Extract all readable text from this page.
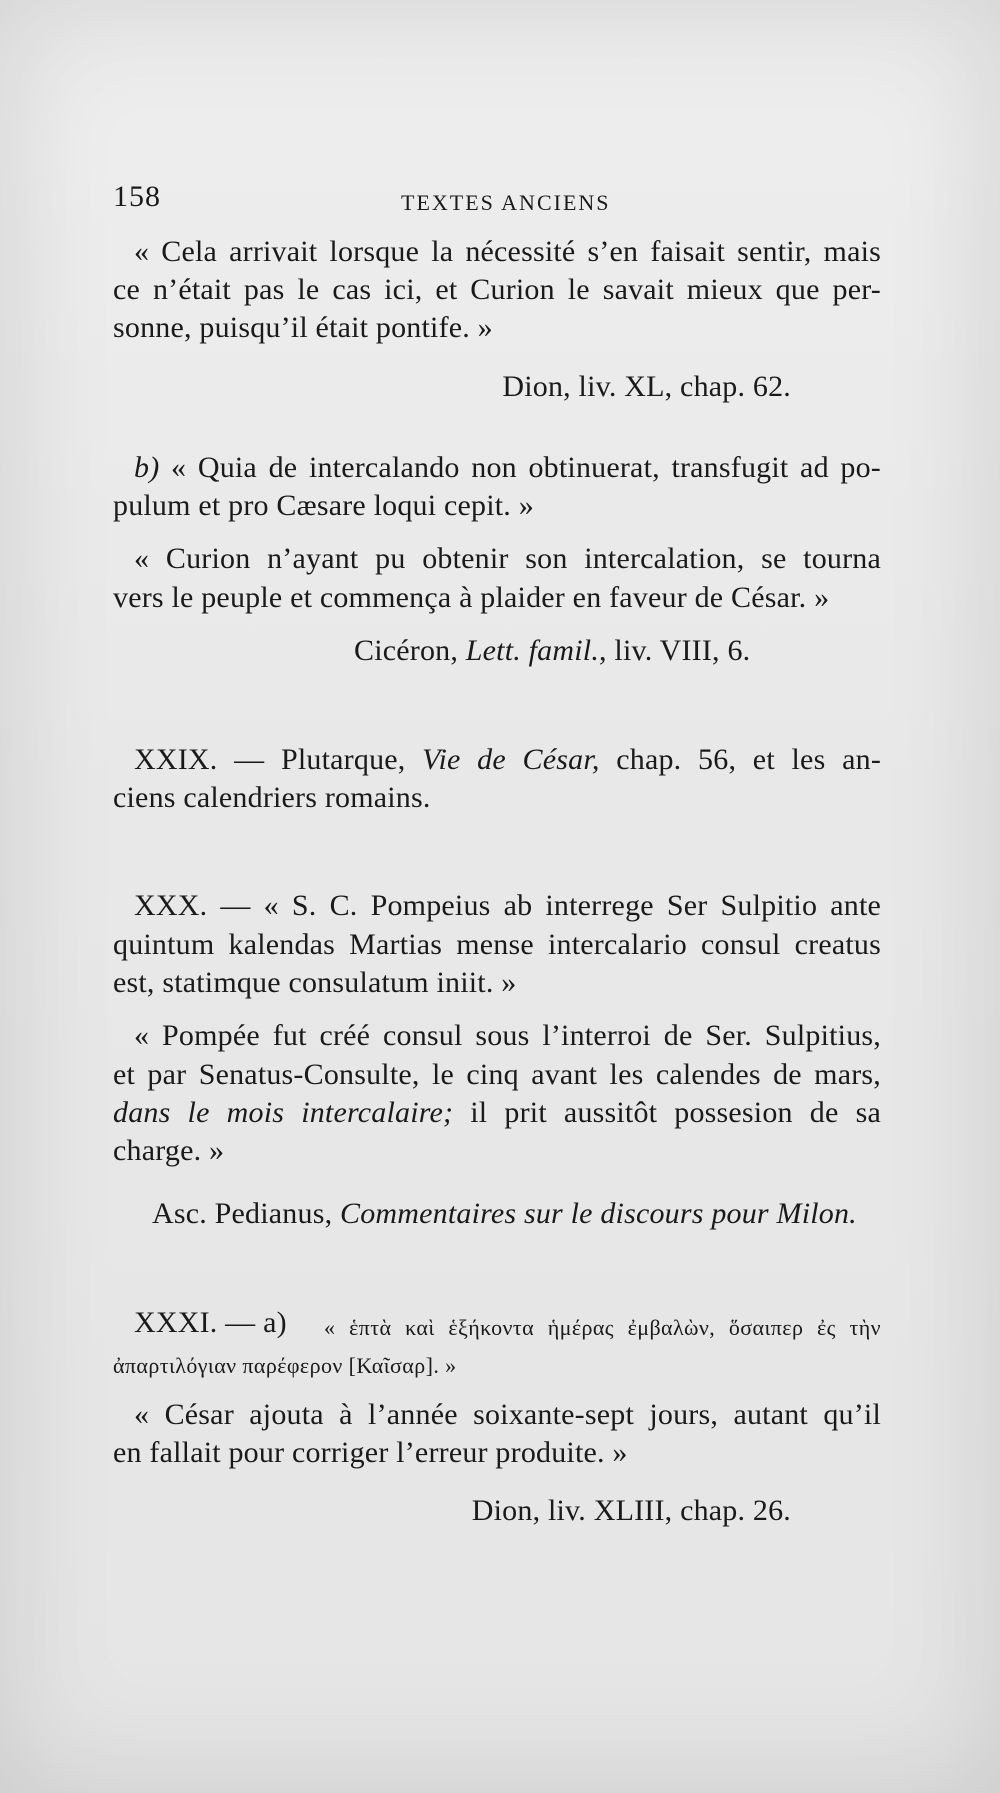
158	TEXTES ANCIENS
« Cela arrivait lorsque la nécessité s’en faisait sentir, mais
ce n’était pas le cas ici, et Curion le savait mieux que per-
sonne, puisqu’il était pontife. »
Dion, liv. XL, chap. 62.
b) « Quia de intercalando non obtinuerat, transfugit ad po-
pulum et pro Cæsare loqui cepit. »
« Curion n’ayant pu obtenir son intercalation, se tourna
vers le peuple et commença à plaider en faveur de César. »
Cicéron, Lett. famil., liv. VIII, 6.
XXIX. — Plutarque, Vie de César, chap. 56, et les an-
ciens calendriers romains.
XXX. — « S. C. Pompeius ab interrege Ser Sulpitio ante
quintum kalendas Martias mense intercalario consul creatus
est, statimque consulatum iniit. »
« Pompée fut créé consul sous l’interroi de Ser. Sulpitius,
et par Senatus-Consulte, le cinq avant les calendes de mars,
dans le mois intercalaire; il prit aussitôt possesion de sa
charge. »
Asc. Pedianus, Commentaires sur le discours pour Milon.
XXXI. — a) « ἑπτὰ καὶ ἑξήκοντα ἡμέρας ἐμβαλὼν, ὅσαιπερ ἐς τὴν
ἀπαρτιλόγιαν παρέφερον [Καῖσαρ]. »
« César ajouta à l’année soixante-sept jours, autant qu’il
en fallait pour corriger l’erreur produite. »
Dion, liv. XLIII, chap. 26.
